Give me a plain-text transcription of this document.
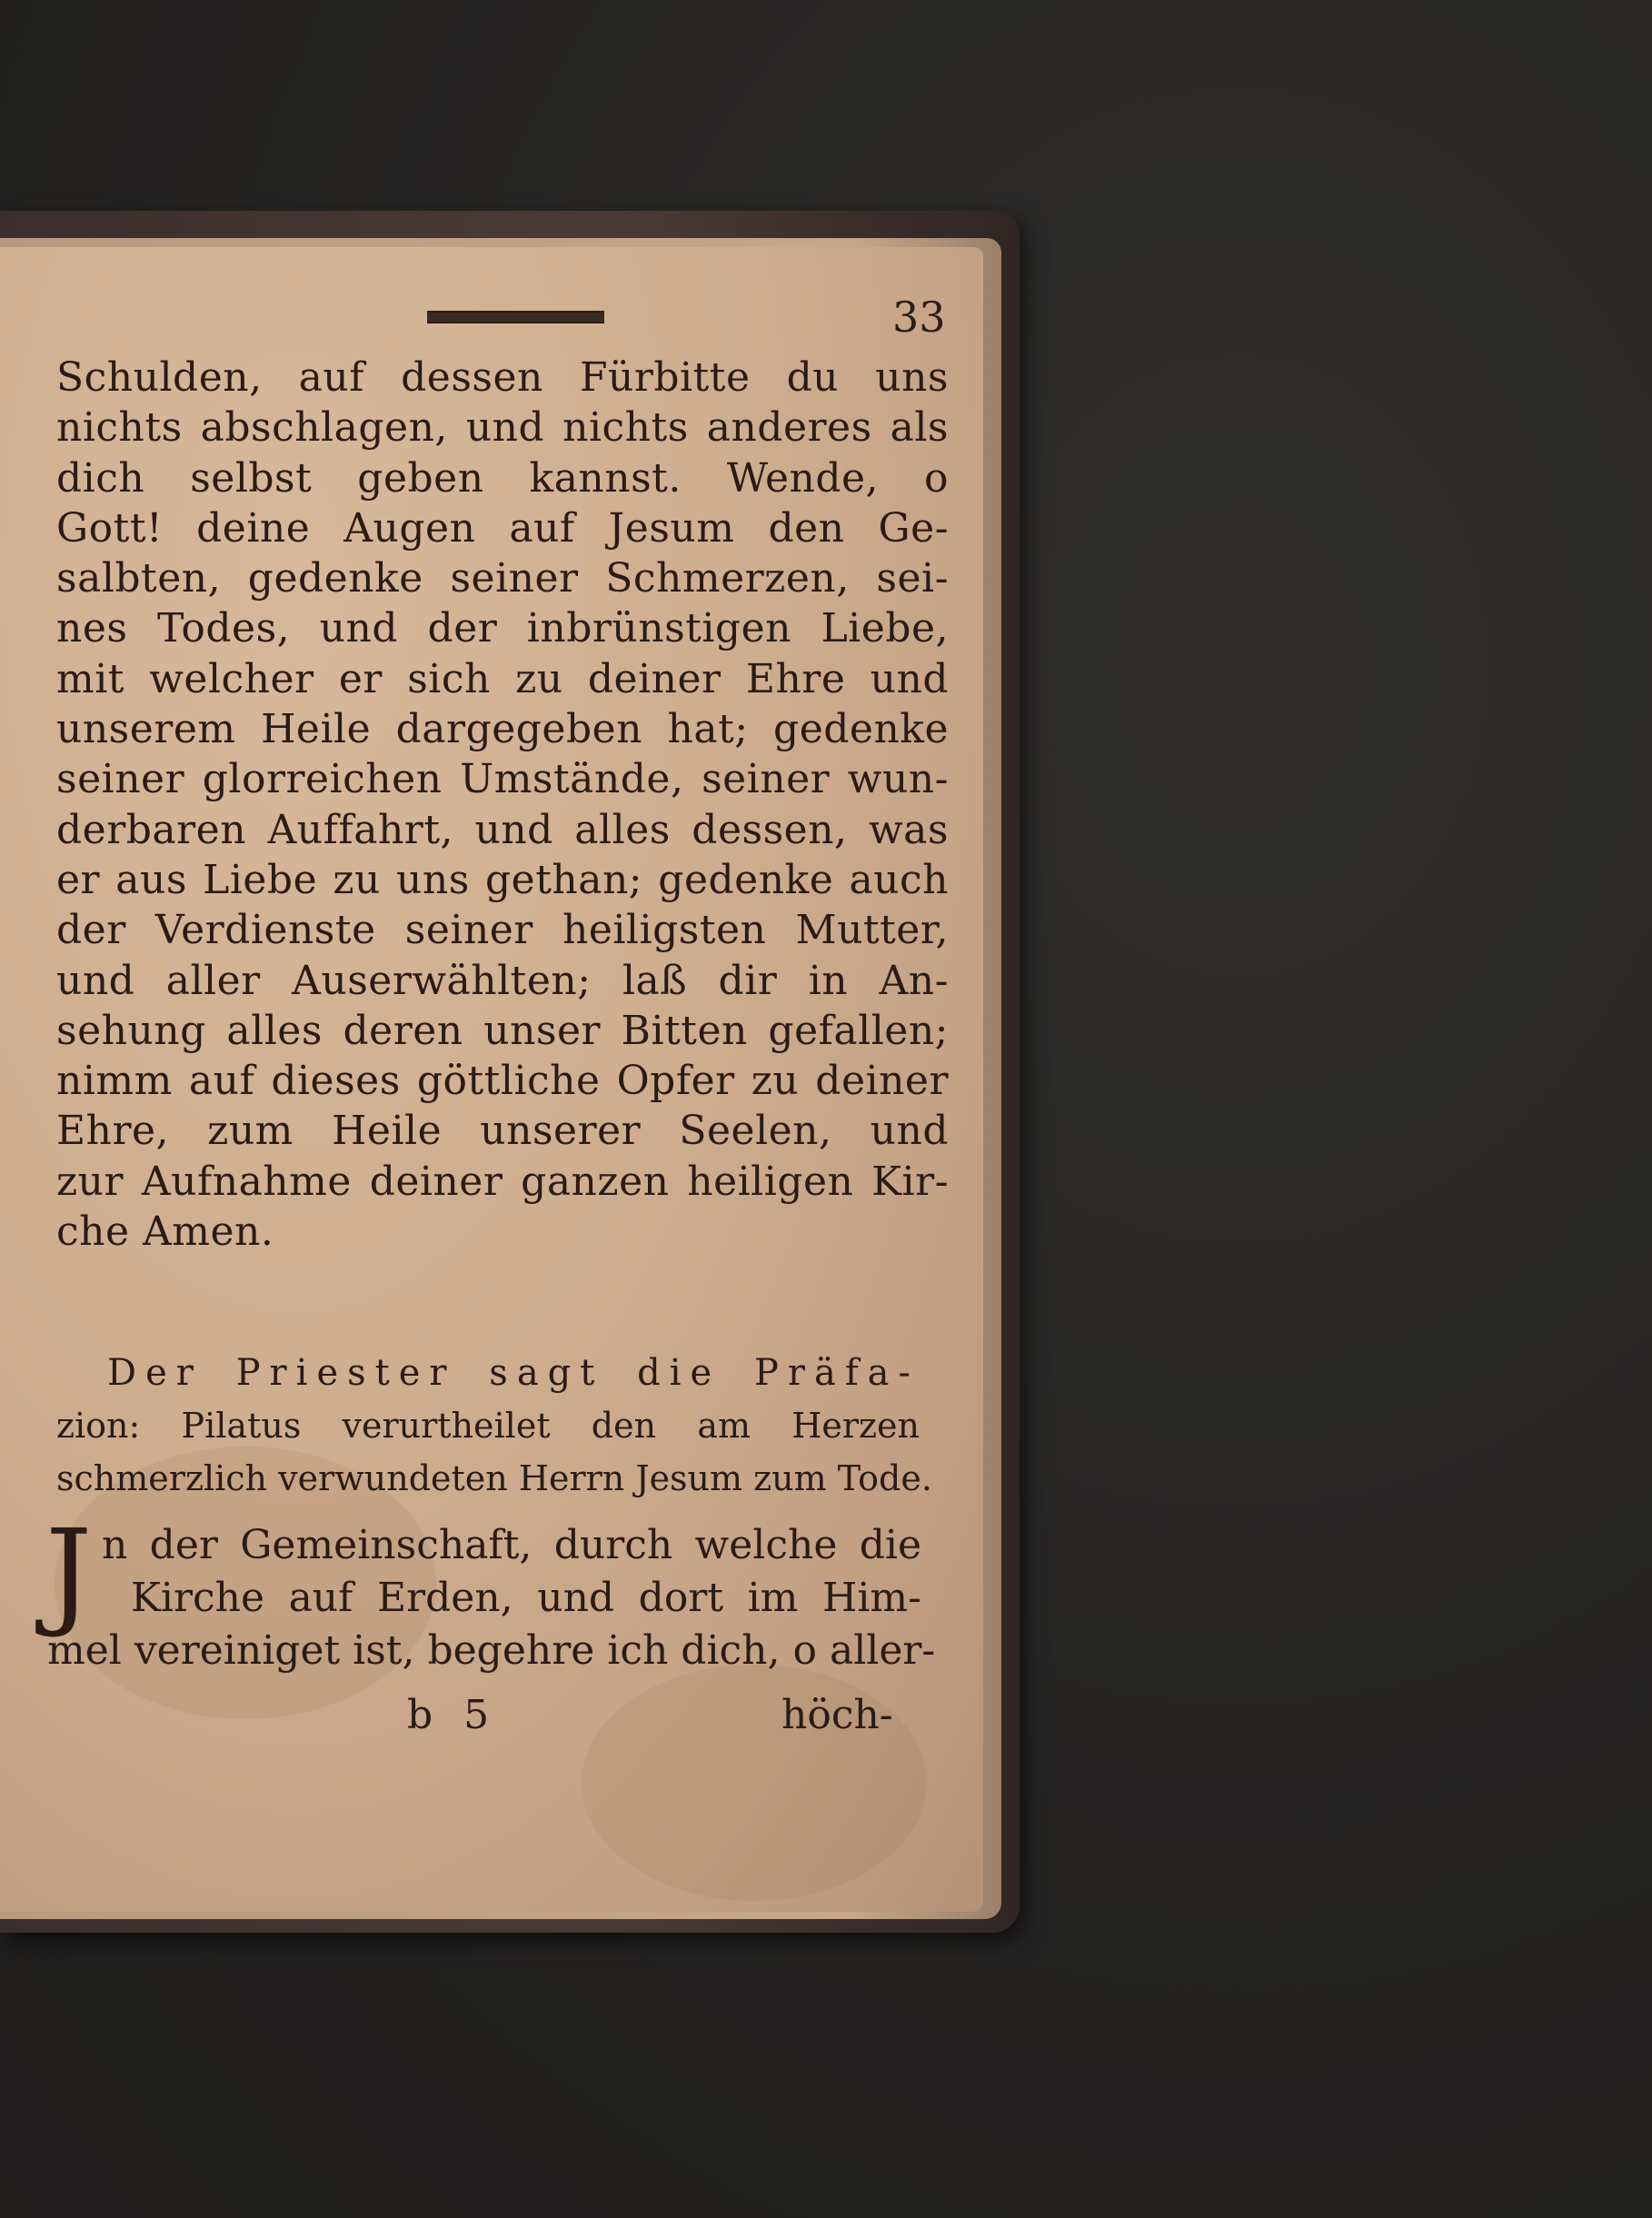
33
Schulden, auf dessen Fürbitte du uns
nichts abschlagen, und nichts anderes als
dich selbst geben kannst. Wende, o
Gott! deine Augen auf Jesum den Ge-
salbten, gedenke seiner Schmerzen, sei-
nes Todes, und der inbrünstigen Liebe,
mit welcher er sich zu deiner Ehre und
unserem Heile dargegeben hat; gedenke
seiner glorreichen Umstände, seiner wun-
derbaren Auffahrt, und alles dessen, was
er aus Liebe zu uns gethan; gedenke auch
der Verdienste seiner heiligsten Mutter,
und aller Auserwählten; laß dir in An-
sehung alles deren unser Bitten gefallen;
nimm auf dieses göttliche Opfer zu deiner
Ehre, zum Heile unserer Seelen, und
zur Aufnahme deiner ganzen heiligen Kir-
che Amen.
Der Priester sagt die Präfa-
zion: Pilatus verurtheilet den am Herzen
schmerzlich verwundeten Herrn Jesum zum Tode.
J n der Gemeinschaft, durch welche die
Kirche auf Erden, und dort im Him-
mel vereiniget ist, begehre ich dich, o aller-
b 5	höch-
